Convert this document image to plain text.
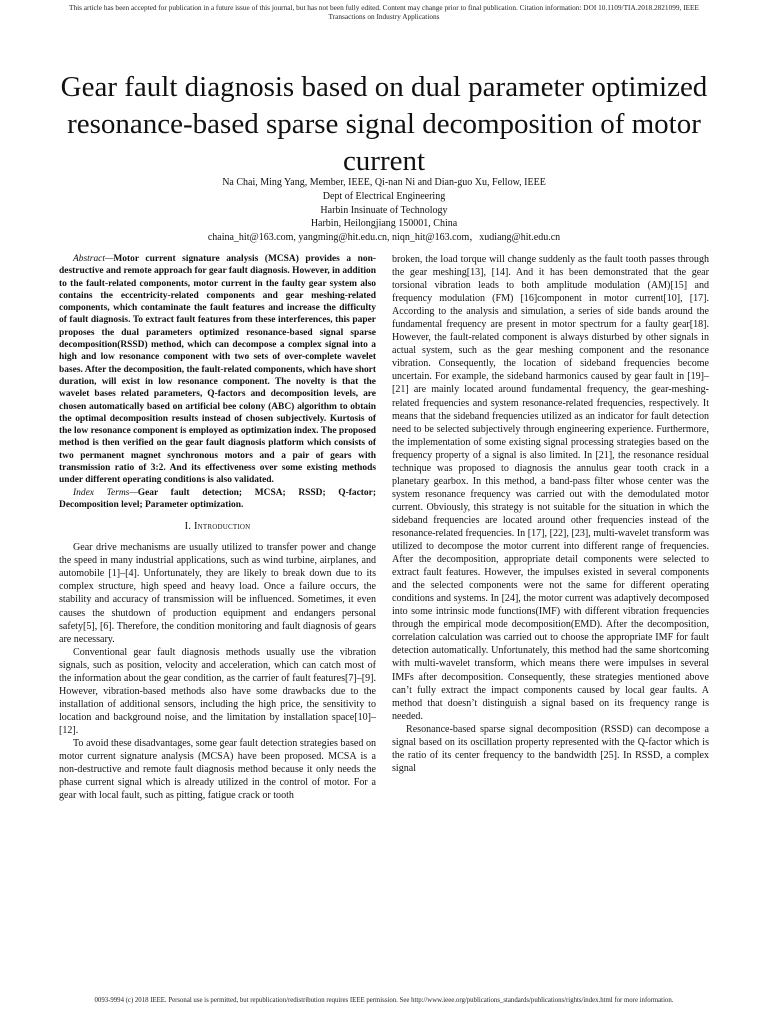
This article has been accepted for publication in a future issue of this journal, but has not been fully edited. Content may change prior to final publication. Citation information: DOI 10.1109/TIA.2018.2821099, IEEE
Transactions on Industry Applications
Gear fault diagnosis based on dual parameter optimized resonance-based sparse signal decomposition of motor current
Na Chai, Ming Yang, Member, IEEE, Qi-nan Ni and Dian-guo Xu, Fellow, IEEE
Dept of Electrical Engineering
Harbin Insinuate of Technology
Harbin, Heilongjiang 150001, China
chaina_hit@163.com, yangming@hit.edu.cn, niqn_hit@163.com，xudiang@hit.edu.cn

Abstract—Motor current signature analysis (MCSA) provides a non-destructive and remote approach for gear fault diagnosis. However, in addition to the fault-related components, motor current in the faulty gear system also contains the eccentricity-related components and gear meshing-related components, which contaminate the fault features and increase the difficulty of fault diagnosis. To extract fault features from these interferences, this paper proposes the dual parameters optimized resonance-based signal sparse decomposition(RSSD) method, which can decompose a complex signal into a high and low resonance component with two sets of over-complete wavelet bases. After the decomposition, the fault-related components, which have short duration, will exist in low resonance component. The novelty is that the wavelet bases related parameters, Q-factors and decomposition levels, are chosen automatically based on artificial bee colony (ABC) algorithm to obtain the optimal decomposition results instead of chosen subjectively. Kurtosis of the low resonance component is employed as optimization index. The proposed method is then verified on the gear fault diagnosis platform which consists of two permanent magnet synchronous motors and a pair of gears with transmission ratio of 3:2. And its effectiveness over some existing methods under different operating conditions is also validated.

Index Terms—Gear fault detection; MCSA; RSSD; Q-factor; Decomposition level; Parameter optimization.

I. Introduction

Gear drive mechanisms are usually utilized to transfer power and change the speed in many industrial applications, such as wind turbine, airplanes, and automobile [1]–[4]. Unfortunately, they are likely to break down due to its complex structure, high speed and heavy load. Once a failure occurs, the stability and accuracy of transmission will be influenced. Sometimes, it even causes the shutdown of production equipment and endangers personal safety[5], [6]. Therefore, the condition monitoring and fault diagnosis of gears are necessary.

Conventional gear fault diagnosis methods usually use the vibration signals, such as position, velocity and acceleration, which can catch most of the information about the gear condition, as the carrier of fault features[7]–[9]. However, vibration-based methods also have some drawbacks due to the installation of additional sensors, including the high price, the sensitivity to location and background noise, and the limitation by installation space[10]–[12].

To avoid these disadvantages, some gear fault detection strategies based on motor current signature analysis (MCSA) have been proposed. MCSA is a non-destructive and remote fault diagnosis method because it only needs the phase current signal which is already utilized in the control of motor. For a gear with local fault, such as pitting, fatigue crack or tooth

broken, the load torque will change suddenly as the fault tooth passes through the gear meshing[13], [14]. And it has been demonstrated that the gear torsional vibration leads to both amplitude modulation (AM)[15] and frequency modulation (FM) [16]component in motor current[10], [17]. According to the analysis and simulation, a series of side bands around the fundamental frequency are present in motor spectrum for a faulty gear[18]. However, the fault-related component is always disturbed by other signals in actual system, such as the gear meshing component and the resonance vibration. Consequently, the location of sideband frequencies become uncertain. For example, the sideband harmonics caused by gear fault in [19]–[21] are mainly located around fundamental frequency, the gear-meshing-related frequencies and system resonance-related frequencies, respectively. It means that the sideband frequencies utilized as an indicator for fault detection need to be selected subjectively through engineering experience. Furthermore, the implementation of some existing signal processing strategies based on the frequency property of a signal is also limited. In [21], the resonance residual technique was proposed to diagnosis the annulus gear tooth crack in a planetary gearbox. In this method, a band-pass filter whose center was the system resonance frequency was carried out with the demodulated motor current. Obviously, this strategy is not suitable for the situation in which the sideband frequencies are located around other frequencies instead of the resonance-related frequencies. In [17], [22], [23], multi-wavelet transform was utilized to decompose the motor current into different range of frequencies. After the decomposition, appropriate detail components were selected to extract fault features. However, the impulses existed in several components and the selected components were not the same for different operating conditions and systems. In [24], the motor current was adaptively decomposed into some intrinsic mode functions(IMF) with different vibration frequencies through the empirical mode decomposition(EMD). After the decomposition, correlation calculation was carried out to choose the appropriate IMF for fault detection automatically. Unfortunately, this method had the same shortcoming with multi-wavelet transform, which means there were impulses in several IMFs after decomposition. Consequently, these strategies mentioned above can’t fully extract the impact components caused by local gear faults. A method that doesn’t distinguish a signal based on its frequency range is needed.

Resonance-based sparse signal decomposition (RSSD) can decompose a signal based on its oscillation property represented with the Q-factor which is the ratio of its center frequency to the bandwidth [25]. In RSSD, a complex signal

0093-9994 (c) 2018 IEEE. Personal use is permitted, but republication/redistribution requires IEEE permission. See http://www.ieee.org/publications_standards/publications/rights/index.html for more information.
